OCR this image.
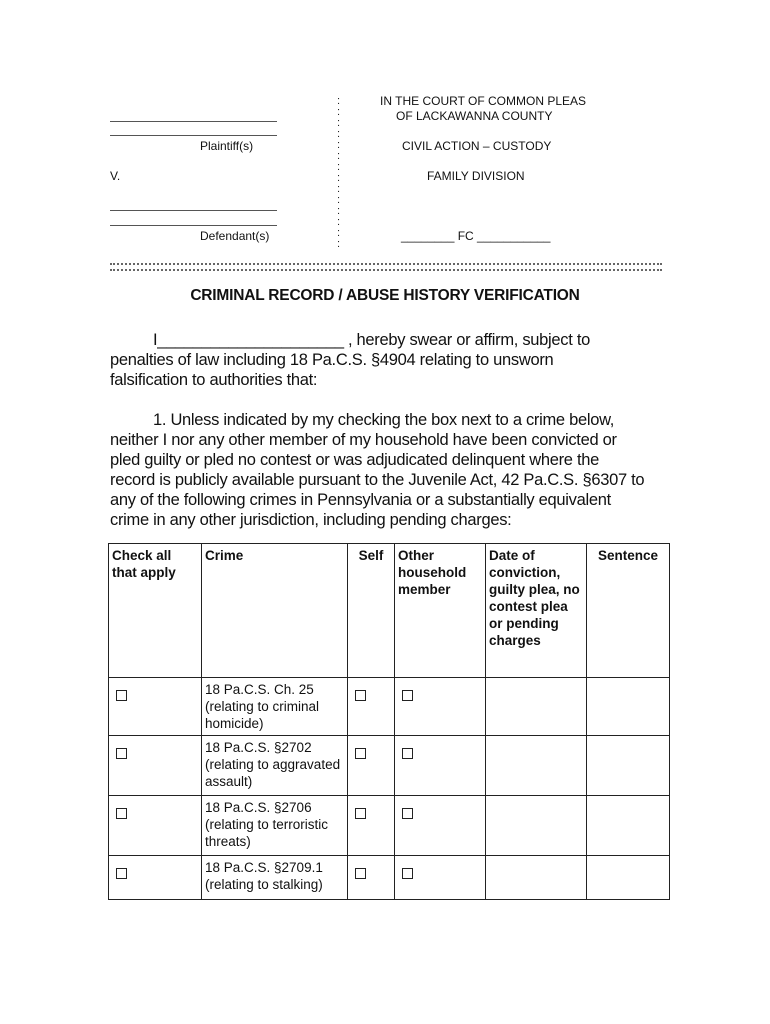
Plaintiff(s)
V.
Defendant(s)
:
:
:
:
:
:
:
:
:
:
:
:
:
:
IN THE COURT OF COMMON PLEAS
OF LACKAWANNA COUNTY
CIVIL ACTION – CUSTODY
FAMILY DIVISION
________ FC ___________
CRIMINAL RECORD / ABUSE HISTORY VERIFICATION
I_____________________ , hereby swear or affirm, subject to
penalties of law including 18 Pa.C.S. §4904 relating to unsworn
falsification to authorities that:
1. Unless indicated by my checking the box next to a crime below,
neither I nor any other member of my household have been convicted or
pled guilty or pled no contest or was adjudicated delinquent where the
record is publicly available pursuant to the Juvenile Act, 42 Pa.C.S. §6307 to
any of the following crimes in Pennsylvania or a substantially equivalent
crime in any other jurisdiction, including pending charges:
Check all that apply	Crime	Self	Other household member	Date of conviction, guilty plea, no contest plea or pending charges	Sentence

	18 Pa.C.S. Ch. 25 (relating to criminal homicide)				

	18 Pa.C.S. §2702 (relating to aggravated assault)				

	18 Pa.C.S. §2706 (relating to terroristic threats)				

	18 Pa.C.S. §2709.1 (relating to stalking)				
